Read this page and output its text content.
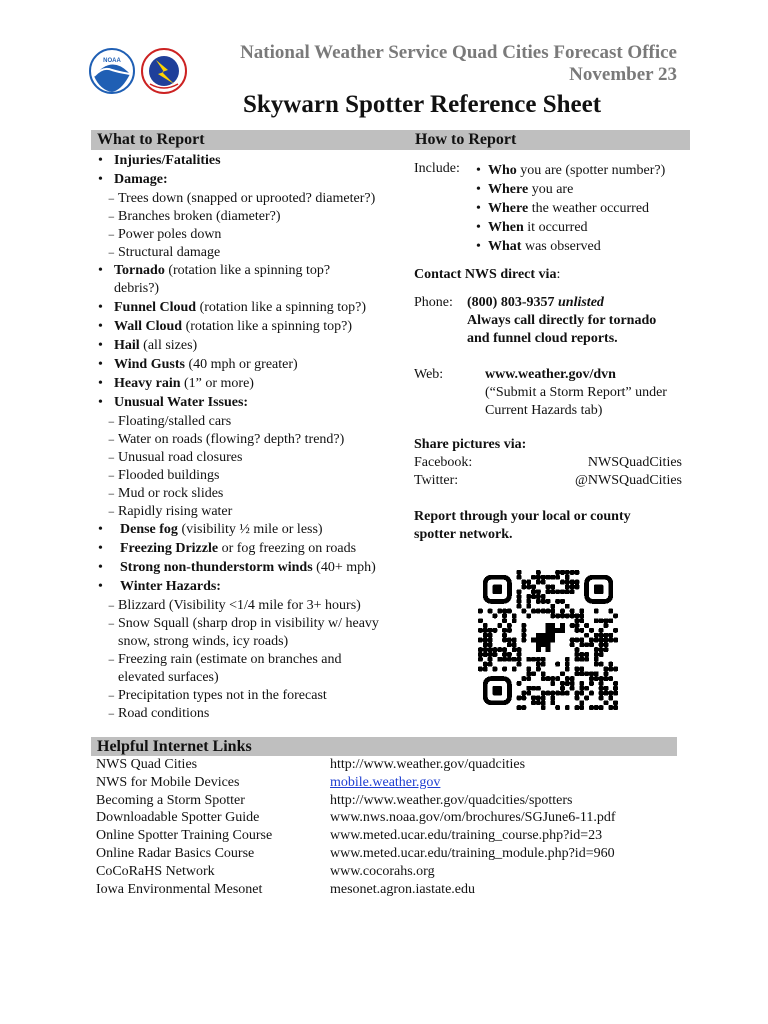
NOAA	National Weather Service Quad Cities Forecast Office
November 23
Skywarn Spotter Reference Sheet
What to Report	How to Report
• Injuries/Fatalities
• Damage:
− Trees down (snapped or uprooted? diameter?)
− Branches broken (diameter?)
− Power poles down
− Structural damage
• Tornado (rotation like a spinning top?
debris?)
• Funnel Cloud (rotation like a spinning top?)
• Wall Cloud (rotation like a spinning top?)
• Hail (all sizes)
• Wind Gusts (40 mph or greater)
• Heavy rain (1” or more)
• Unusual Water Issues:
− Floating/stalled cars
− Water on roads (flowing? depth? trend?)
− Unusual road closures
− Flooded buildings
− Mud or rock slides
− Rapidly rising water
• Dense fog (visibility ½ mile or less)
• Freezing Drizzle or fog freezing on roads
• Strong non-thunderstorm winds (40+ mph)
• Winter Hazards:
− Blizzard (Visibility <1/4 mile for 3+ hours)
− Snow Squall (sharp drop in visibility w/ heavy
snow, strong winds, icy roads)
− Freezing rain (estimate on branches and
elevated surfaces)
− Precipitation types not in the forecast
− Road conditions
Include:
•	Who you are (spotter number?)
• Where you are
• Where the weather occurred
• When it occurred
• What was observed
Contact NWS direct via:
Phone: (800) 803-9357 unlisted
Always call directly for tornado
and funnel cloud reports.
Web:	www.weather.gov/dvn
(“Submit a Storm Report” under
Current Hazards tab)
Share pictures via:
Facebook:	NWSQuadCities
Twitter:	@NWSQuadCities
Report through your local or county
spotter network.
Helpful Internet Links
NWS Quad Cities	http://www.weather.gov/quadcities
NWS for Mobile Devices	mobile.weather.gov
Becoming a Storm Spotter	http://www.weather.gov/quadcities/spotters
Downloadable Spotter Guide	www.nws.noaa.gov/om/brochures/SGJune6-11.pdf
Online Spotter Training Course	www.meted.ucar.edu/training_course.php?id=23
Online Radar Basics Course	www.meted.ucar.edu/training_module.php?id=960
CoCoRaHS Network	www.cocorahs.org
Iowa Environmental Mesonet	mesonet.agron.iastate.edu
